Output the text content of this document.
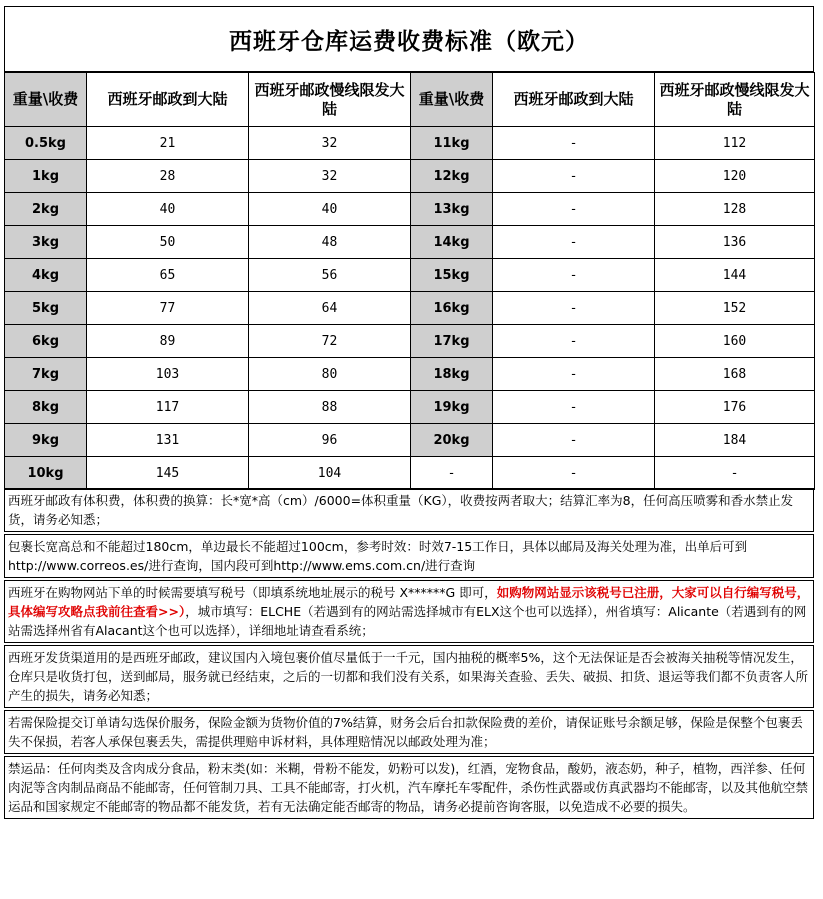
西班牙仓库运费收费标准（欧元）
重量\收费	西班牙邮政到大陆	西班牙邮政慢线限发大陆	重量\收费	西班牙邮政到大陆	西班牙邮政慢线限发大陆
0.5kg	21	32	11kg	-	112
1kg	28	32	12kg	-	120
2kg	40	40	13kg	-	128
3kg	50	48	14kg	-	136
4kg	65	56	15kg	-	144
5kg	77	64	16kg	-	152
6kg	89	72	17kg	-	160
7kg	103	80	18kg	-	168
8kg	117	88	19kg	-	176
9kg	131	96	20kg	-	184
10kg	145	104	-	-	-
西班牙邮政有体积费，体积费的换算：长*宽*高（cm）/6000=体积重量（KG），收费按两者取大；结算汇率为8，任何高压喷雾和香水禁止发货，请务必知悉；
包裹长宽高总和不能超过180cm，单边最长不能超过100cm，参考时效：时效7-15工作日，具体以邮局及海关处理为准，出单后可到http://www.correos.es/进行查询，国内段可到http://www.ems.com.cn/进行查询
西班牙在购物网站下单的时候需要填写税号（即填系统地址展示的税号 X******G 即可，如购物网站显示该税号已注册，大家可以自行编写税号，具体编写攻略点我前往查看>>），城市填写：ELCHE（若遇到有的网站需选择城市有ELX这个也可以选择），州省填写：Alicante（若遇到有的网站需选择州省有Alacant这个也可以选择），详细地址请查看系统；
西班牙发货渠道用的是西班牙邮政，建议国内入境包裹价值尽量低于一千元，国内抽税的概率5%，这个无法保证是否会被海关抽税等情况发生，仓库只是收货打包，送到邮局，服务就已经结束，之后的一切都和我们没有关系，如果海关查验、丢失、破损、扣货、退运等我们都不负责客人所产生的损失，请务必知悉；
若需保险提交订单请勾选保价服务，保险金额为货物价值的7%结算，财务会后台扣款保险费的差价，请保证账号余额足够，保险是保整个包裹丢失不保损，若客人承保包裹丢失，需提供理赔申诉材料，具体理赔情况以邮政处理为准；
禁运品：任何肉类及含肉成分食品，粉末类(如：米糊，骨粉不能发，奶粉可以发)，红酒，宠物食品，酸奶，液态奶，种子，植物，西洋参、任何肉泥等含肉制品商品不能邮寄，任何管制刀具、工具不能邮寄，打火机，汽车摩托车零配件，杀伤性武器或仿真武器均不能邮寄，以及其他航空禁运品和国家规定不能邮寄的物品都不能发货，若有无法确定能否邮寄的物品，请务必提前咨询客服，以免造成不必要的损失。
